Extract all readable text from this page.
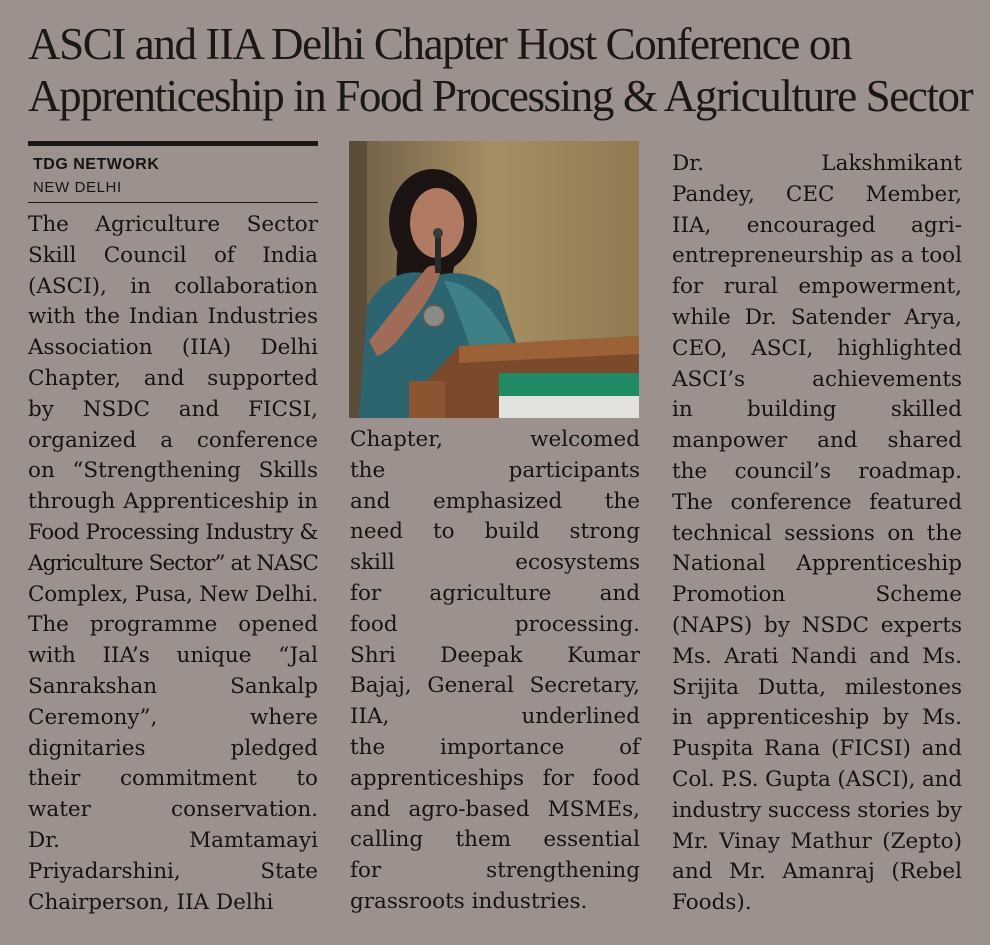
ASCI and IIA Delhi Chapter Host Conference on
Apprenticeship in Food Processing & Agriculture Sector
TDG NETWORK
NEW DELHI
The Agriculture Sector
Skill Council of India
(ASCI), in collaboration
with the Indian Industries
Association (IIA) Delhi
Chapter, and supported
by NSDC and FICSI,
organized a conference
on “Strengthening Skills
through Apprenticeship in
Food Processing Industry &
Agriculture Sector” at NASC
Complex, Pusa, New Delhi.
The programme opened
with IIA’s unique “Jal
Sanrakshan Sankalp
Ceremony”, where
dignitaries pledged
their commitment to
water conservation.
Dr. Mamtamayi
Priyadarshini, State
Chairperson, IIA Delhi
Chapter, welcomed
the participants
and emphasized the
need to build strong
skill ecosystems
for agriculture and
food processing.
Shri Deepak Kumar
Bajaj, General Secretary,
IIA, underlined
the importance of
apprenticeships for food
and agro-based MSMEs,
calling them essential
for strengthening
grassroots industries.
Dr. Lakshmikant
Pandey, CEC Member,
IIA, encouraged agri-
entrepreneurship as a tool
for rural empowerment,
while Dr. Satender Arya,
CEO, ASCI, highlighted
ASCI’s achievements
in building skilled
manpower and shared
the council’s roadmap.
The conference featured
technical sessions on the
National Apprenticeship
Promotion Scheme
(NAPS) by NSDC experts
Ms. Arati Nandi and Ms.
Srijita Dutta, milestones
in apprenticeship by Ms.
Puspita Rana (FICSI) and
Col. P.S. Gupta (ASCI), and
industry success stories by
Mr. Vinay Mathur (Zepto)
and Mr. Amanraj (Rebel
Foods).
